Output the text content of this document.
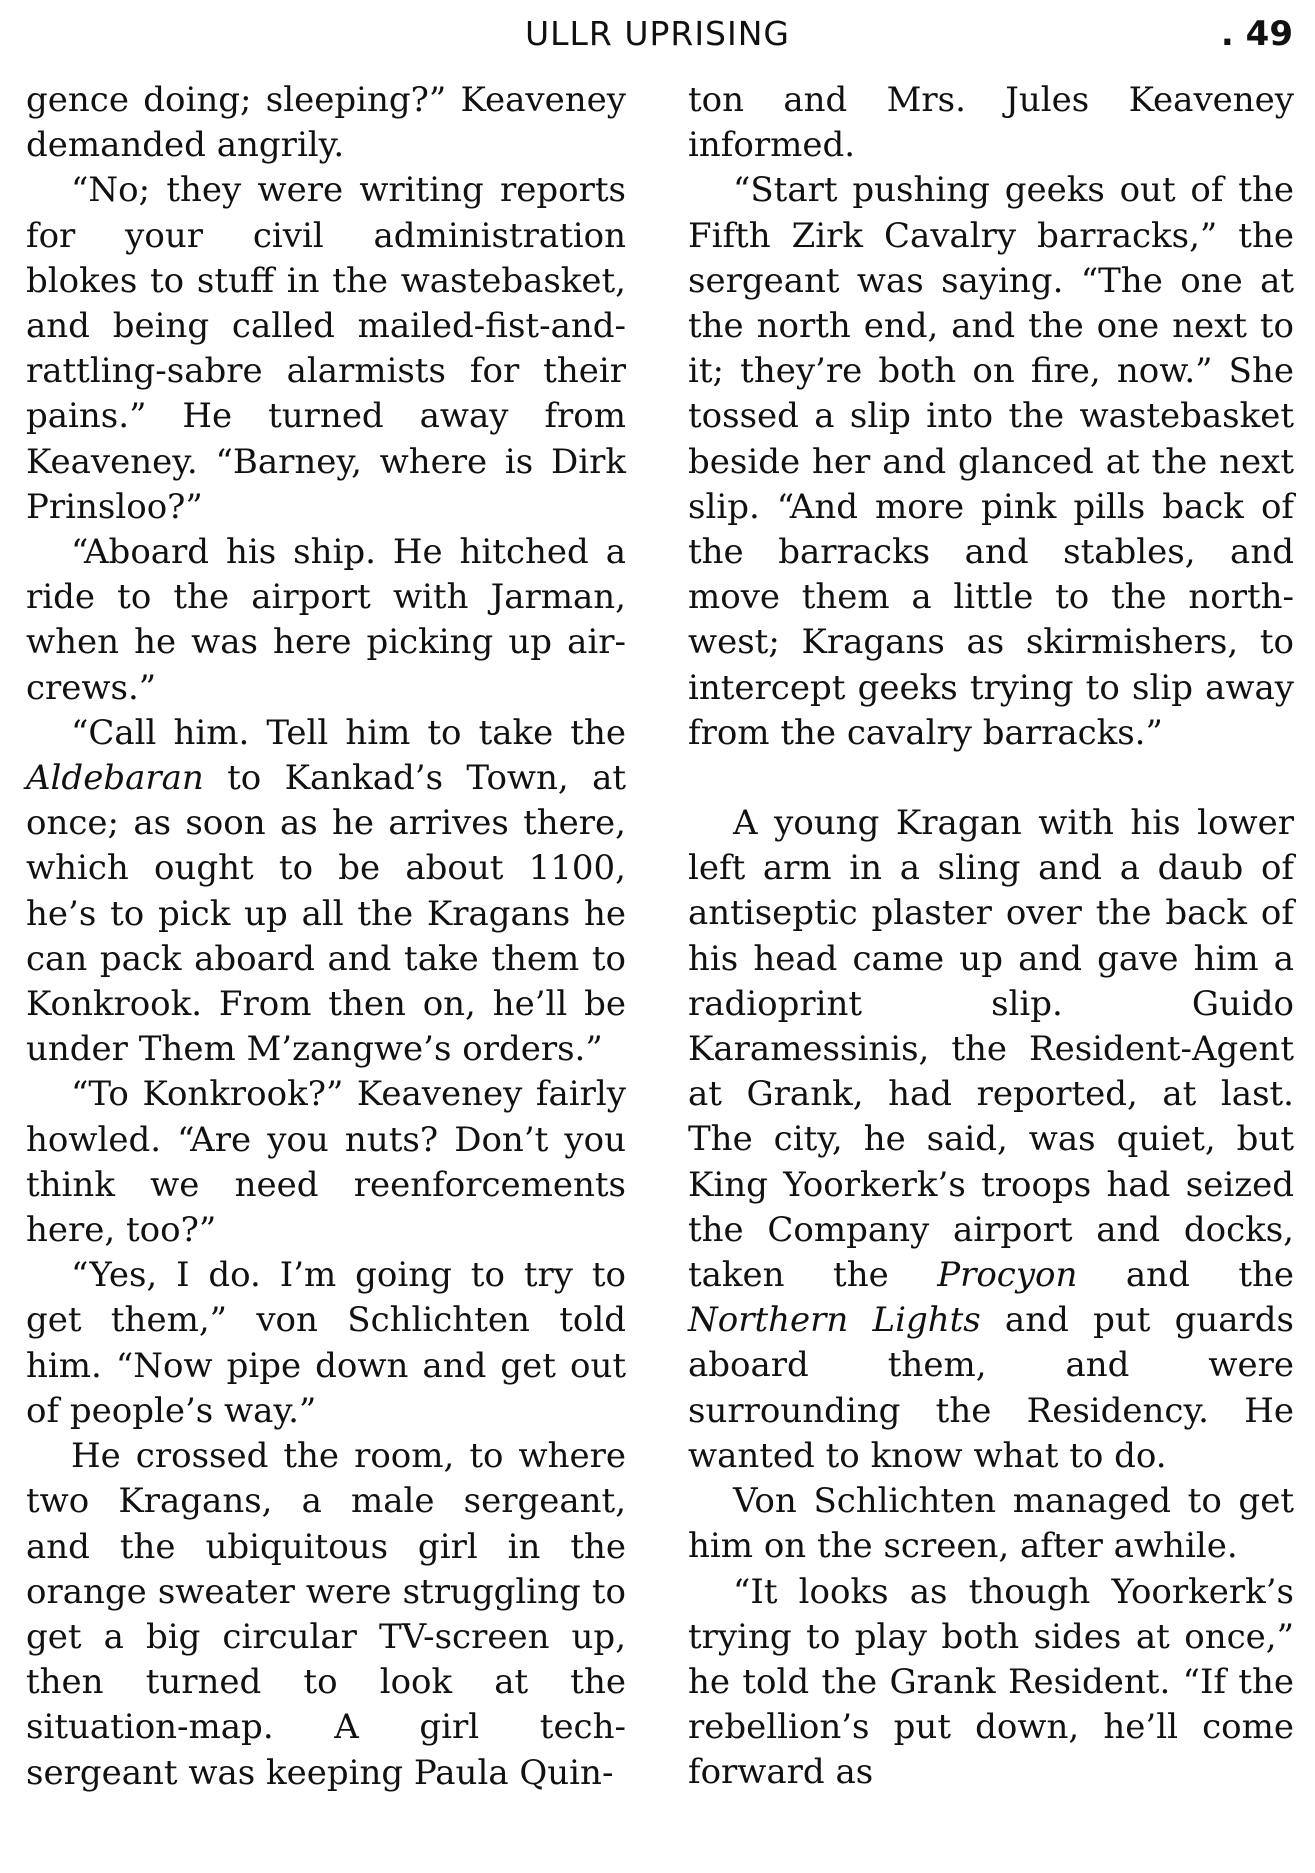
ULLR UPRISING	. 49

gence doing; sleeping?” Keaveney demanded angrily.

“No; they were writing reports for your civil administration blokes to stuff in the wastebasket, and being called mailed-fist-and-rattling-sabre alarmists for their pains.” He turned away from Keaveney. “Barney, where is Dirk Prinsloo?”

“Aboard his ship. He hitched a ride to the airport with Jarman, when he was here picking up air-crews.”

“Call him. Tell him to take the Aldebaran to Kankad’s Town, at once; as soon as he arrives there, which ought to be about 1100, he’s to pick up all the Kragans he can pack aboard and take them to Konkrook. From then on, he’ll be under Them M’zangwe’s orders.”

“To Konkrook?” Keaveney fairly howled. “Are you nuts? Don’t you think we need reenforcements here, too?”

“Yes, I do. I’m going to try to get them,” von Schlichten told him. “Now pipe down and get out of people’s way.”

He crossed the room, to where two Kragans, a male sergeant, and the ubiquitous girl in the orange sweater were struggling to get a big circular TV-screen up, then turned to look at the situation-map. A girl tech-sergeant was keeping Paula Quin-

ton and Mrs. Jules Keaveney informed.

“Start pushing geeks out of the Fifth Zirk Cavalry barracks,” the sergeant was saying. “The one at the north end, and the one next to it; they’re both on fire, now.” She tossed a slip into the wastebasket beside her and glanced at the next slip. “And more pink pills back of the barracks and stables, and move them a little to the north-west; Kragans as skirmishers, to intercept geeks trying to slip away from the cavalry barracks.”

A young Kragan with his lower left arm in a sling and a daub of antiseptic plaster over the back of his head came up and gave him a radioprint slip. Guido Karamessinis, the Resident-Agent at Grank, had reported, at last. The city, he said, was quiet, but King Yoorkerk’s troops had seized the Company airport and docks, taken the Procyon and the Northern Lights and put guards aboard them, and were surrounding the Residency. He wanted to know what to do.

Von Schlichten managed to get him on the screen, after awhile.

“It looks as though Yoorkerk’s trying to play both sides at once,” he told the Grank Resident. “If the rebellion’s put down, he’ll come forward as
